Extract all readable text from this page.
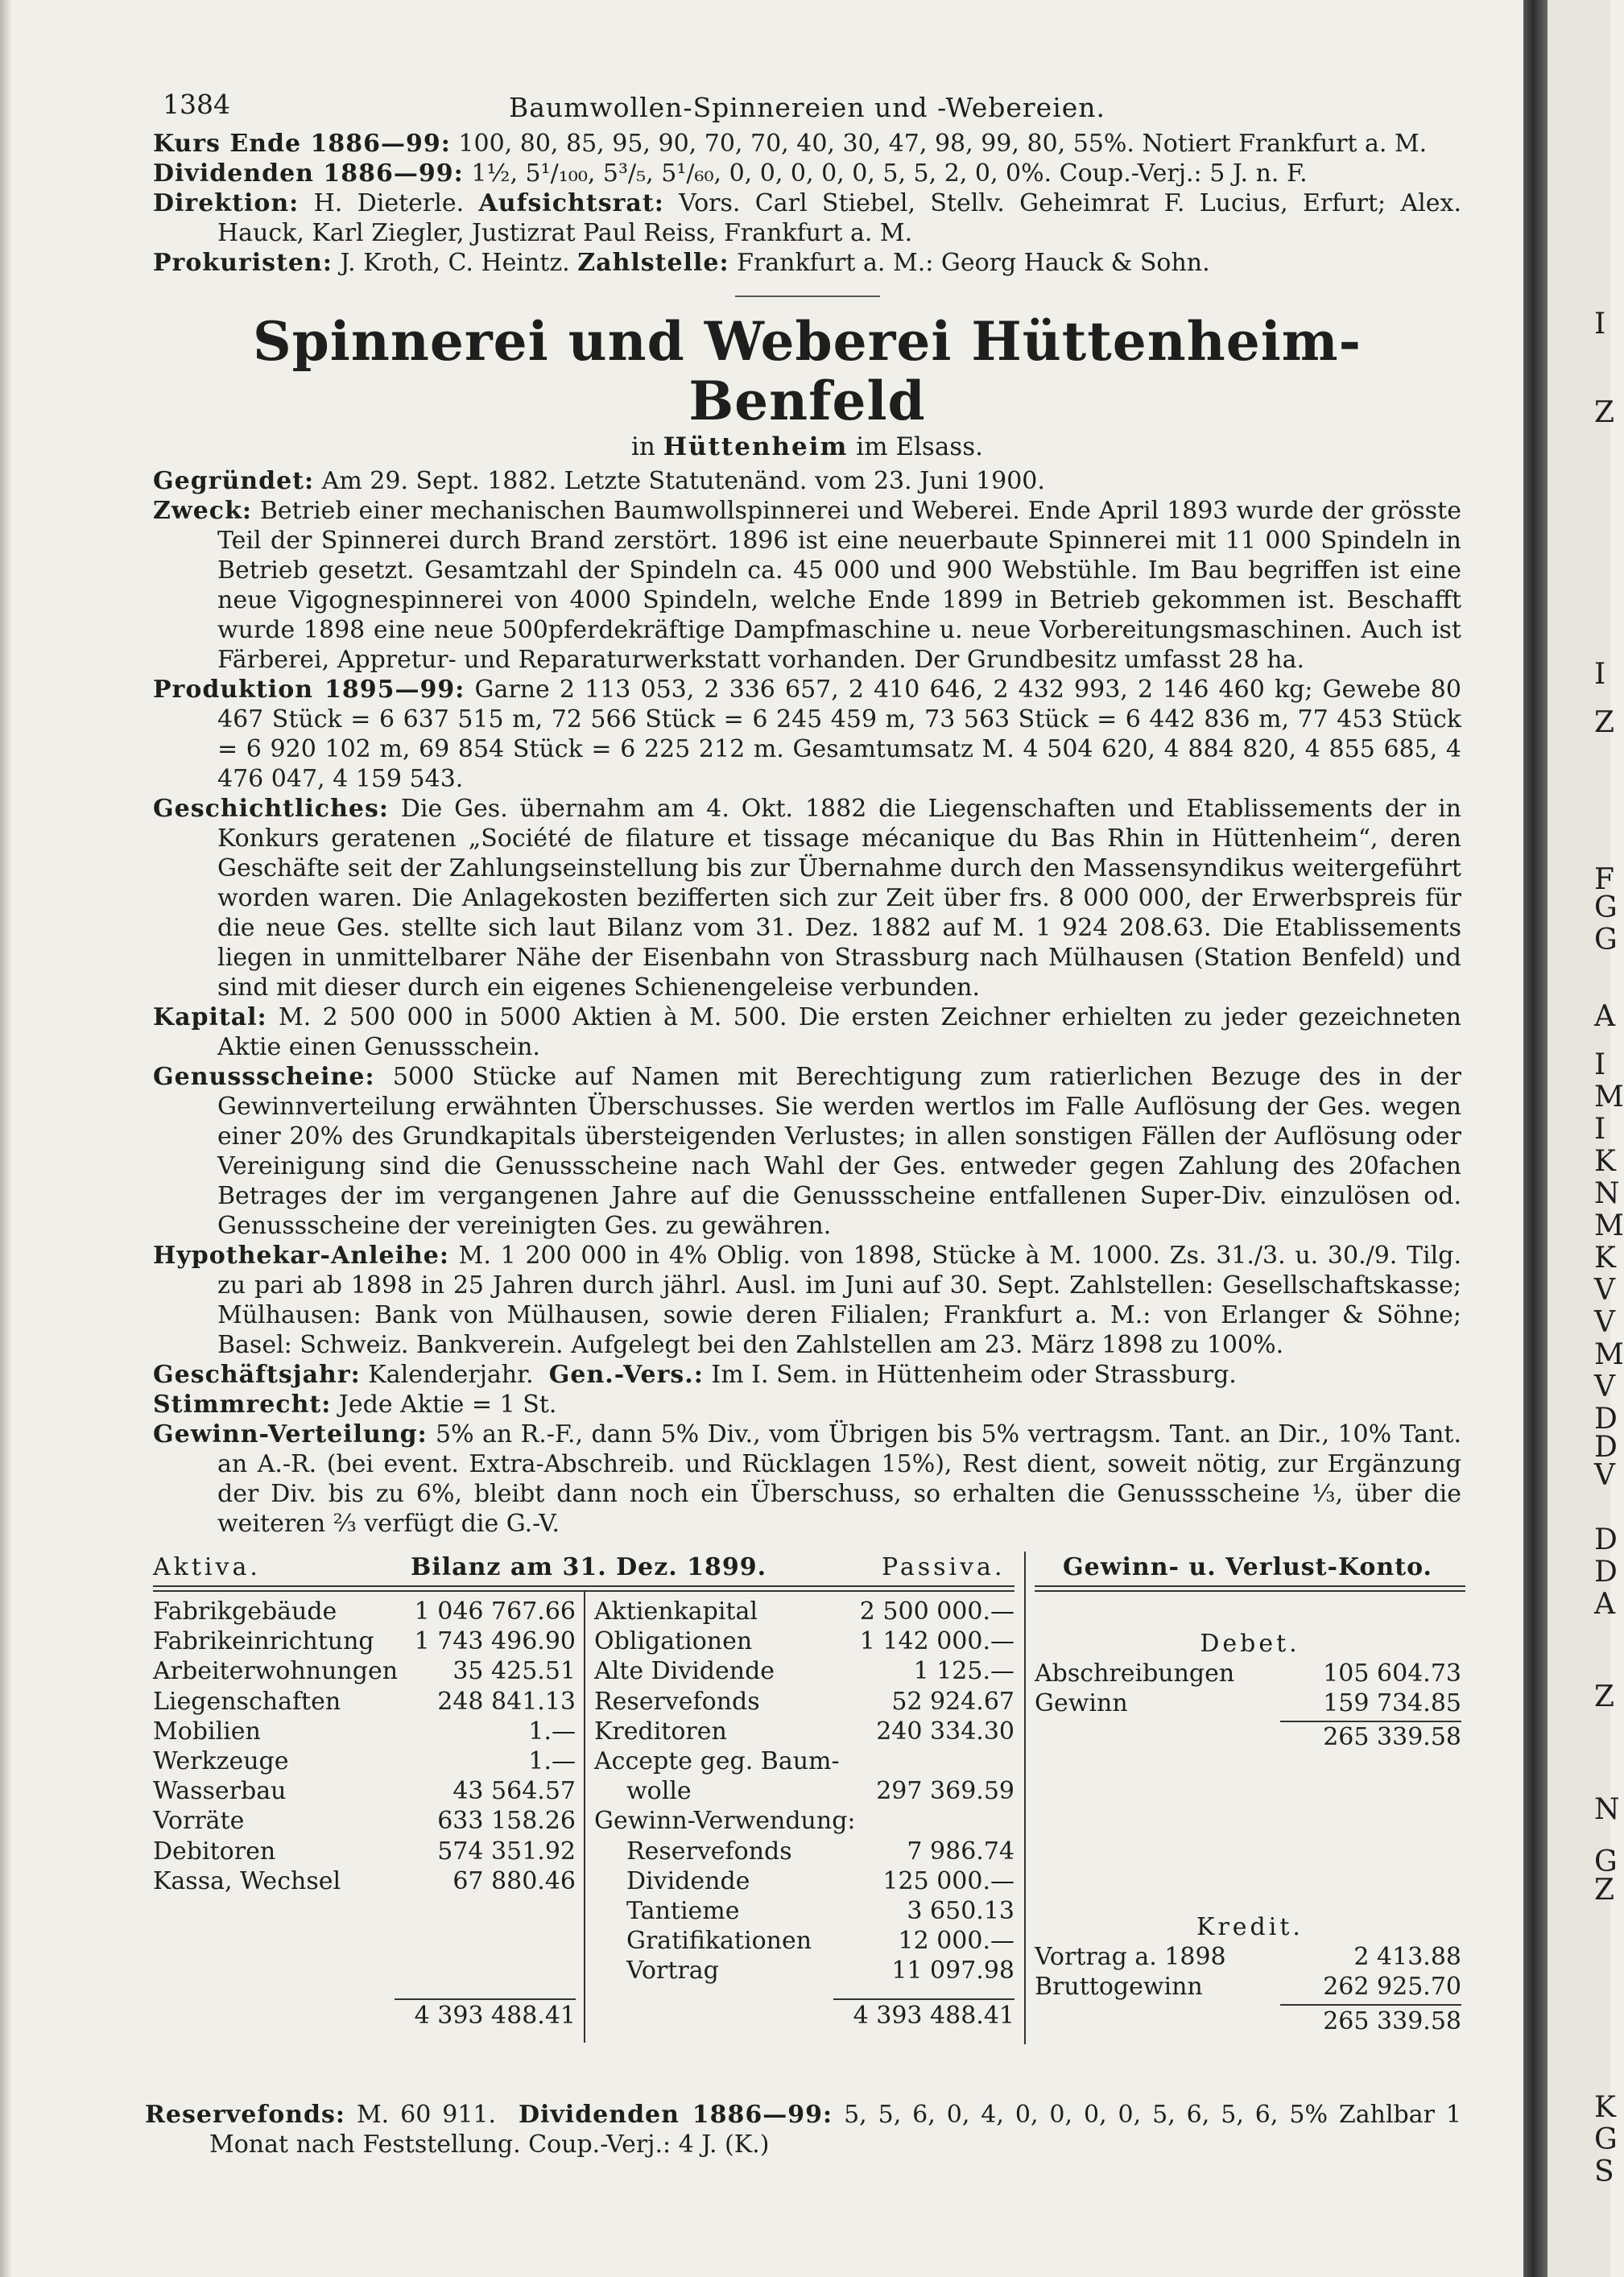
I
Z
I
Z
F
G
G
A
I
M
I
K
N
M
K
V
V
M
V
D
D
V
D
D
A
Z
N
G
Z
K
G
S
1384	Baumwollen-Spinnereien und -Webereien.

Kurs Ende 1886—99: 100, 80, 85, 95, 90, 70, 70, 40, 30, 47, 98, 99, 80, 55%. Notiert Frankfurt a. M.

Dividenden 1886—99: 1½, 5¹/₁₀₀, 5³/₅, 5¹/₆₀, 0, 0, 0, 0, 0, 5, 5, 2, 0, 0%. Coup.-Verj.: 5 J. n. F.

Direktion: H. Dieterle. Aufsichtsrat: Vors. Carl Stiebel, Stellv. Geheimrat F. Lucius, Erfurt; Alex. Hauck, Karl Ziegler, Justizrat Paul Reiss, Frankfurt a. M.

Prokuristen: J. Kroth, C. Heintz. Zahlstelle: Frankfurt a. M.: Georg Hauck & Sohn.

Spinnerei und Weberei Hüttenheim-Benfeld

in Hüttenheim im Elsass.

Gegründet: Am 29. Sept. 1882. Letzte Statutenänd. vom 23. Juni 1900.

Zweck: Betrieb einer mechanischen Baumwollspinnerei und Weberei. Ende April 1893 wurde der grösste Teil der Spinnerei durch Brand zerstört. 1896 ist eine neuerbaute Spinnerei mit 11 000 Spindeln in Betrieb gesetzt. Gesamtzahl der Spindeln ca. 45 000 und 900 Webstühle. Im Bau begriffen ist eine neue Vigognespinnerei von 4000 Spindeln, welche Ende 1899 in Betrieb gekommen ist. Beschafft wurde 1898 eine neue 500pferdekräftige Dampfmaschine u. neue Vorbereitungsmaschinen. Auch ist Färberei, Appretur- und Reparaturwerkstatt vorhanden. Der Grundbesitz umfasst 28 ha.

Produktion 1895—99: Garne 2 113 053, 2 336 657, 2 410 646, 2 432 993, 2 146 460 kg; Gewebe 80 467 Stück = 6 637 515 m, 72 566 Stück = 6 245 459 m, 73 563 Stück = 6 442 836 m, 77 453 Stück = 6 920 102 m, 69 854 Stück = 6 225 212 m. Gesamtumsatz M. 4 504 620, 4 884 820, 4 855 685, 4 476 047, 4 159 543.

Geschichtliches: Die Ges. übernahm am 4. Okt. 1882 die Liegenschaften und Etablissements der in Konkurs geratenen „Société de filature et tissage mécanique du Bas Rhin in Hüttenheim“, deren Geschäfte seit der Zahlungseinstellung bis zur Übernahme durch den Massensyndikus weitergeführt worden waren. Die Anlagekosten bezifferten sich zur Zeit über frs. 8 000 000, der Erwerbspreis für die neue Ges. stellte sich laut Bilanz vom 31. Dez. 1882 auf M. 1 924 208.63. Die Etablissements liegen in unmittelbarer Nähe der Eisenbahn von Strassburg nach Mülhausen (Station Benfeld) und sind mit dieser durch ein eigenes Schienengeleise verbunden.

Kapital: M. 2 500 000 in 5000 Aktien à M. 500. Die ersten Zeichner erhielten zu jeder gezeichneten Aktie einen Genussschein.

Genussscheine: 5000 Stücke auf Namen mit Berechtigung zum ratierlichen Bezuge des in der Gewinnverteilung erwähnten Überschusses. Sie werden wertlos im Falle Auflösung der Ges. wegen einer 20% des Grundkapitals übersteigenden Verlustes; in allen sonstigen Fällen der Auflösung oder Vereinigung sind die Genussscheine nach Wahl der Ges. entweder gegen Zahlung des 20fachen Betrages der im vergangenen Jahre auf die Genussscheine entfallenen Super-Div. einzulösen od. Genussscheine der vereinigten Ges. zu gewähren.

Hypothekar-Anleihe: M. 1 200 000 in 4% Oblig. von 1898, Stücke à M. 1000. Zs. 31./3. u. 30./9. Tilg. zu pari ab 1898 in 25 Jahren durch jährl. Ausl. im Juni auf 30. Sept. Zahlstellen: Gesellschaftskasse; Mülhausen: Bank von Mülhausen, sowie deren Filialen; Frankfurt a. M.: von Erlanger & Söhne; Basel: Schweiz. Bankverein. Aufgelegt bei den Zahlstellen am 23. März 1898 zu 100%.

Geschäftsjahr: Kalenderjahr. Gen.-Vers.: Im I. Sem. in Hüttenheim oder Strassburg.

Stimmrecht: Jede Aktie = 1 St.

Gewinn-Verteilung: 5% an R.-F., dann 5% Div., vom Übrigen bis 5% vertragsm. Tant. an Dir., 10% Tant. an A.-R. (bei event. Extra-Abschreib. und Rücklagen 15%), Rest dient, soweit nötig, zur Ergänzung der Div. bis zu 6%, bleibt dann noch ein Überschuss, so erhalten die Genussscheine ⅓, über die weiteren ⅔ verfügt die G.-V.

Aktiva.	Bilanz am 31. Dez. 1899.	Passiva. Gewinn- u. Verlust-Konto.
Fabrikgebäude	1 046 767.66
Fabrikeinrichtung 1 743 496.90
Arbeiterwohnungen 35 425.51
Liegenschaften	248 841.13
Mobilien	1.—
Werkzeuge	1.—
Wasserbau	43 564.57
Vorräte	633 158.26
Debitoren	574 351.92
Kassa, Wechsel	67 880.46
Aktienkapital	2 500 000.—
Obligationen	1 142 000.—
Alte Dividende	1 125.—
Reservefonds	52 924.67
Kreditoren	240 334.30
Accepte geg. Baum-
wolle	297 369.59
Gewinn-Verwendung:
Reservefonds	7 986.74
Dividende	125 000.—
Tantieme	3 650.13
Gratifikationen	12 000.—
Vortrag	11 097.98
Debet.
Abschreibungen	105 604.73
Gewinn	159 734.85
265 339.58
Kredit.
Vortrag a. 1898	2 413.88
Bruttogewinn	262 925.70
265 339.58
4 393 488.41	4 393 488.41

Reservefonds: M. 60 911. Dividenden 1886—99: 5, 5, 6, 0, 4, 0, 0, 0, 0, 5, 6, 5, 6, 5% Zahlbar 1 Monat nach Feststellung. Coup.-Verj.: 4 J. (K.)
